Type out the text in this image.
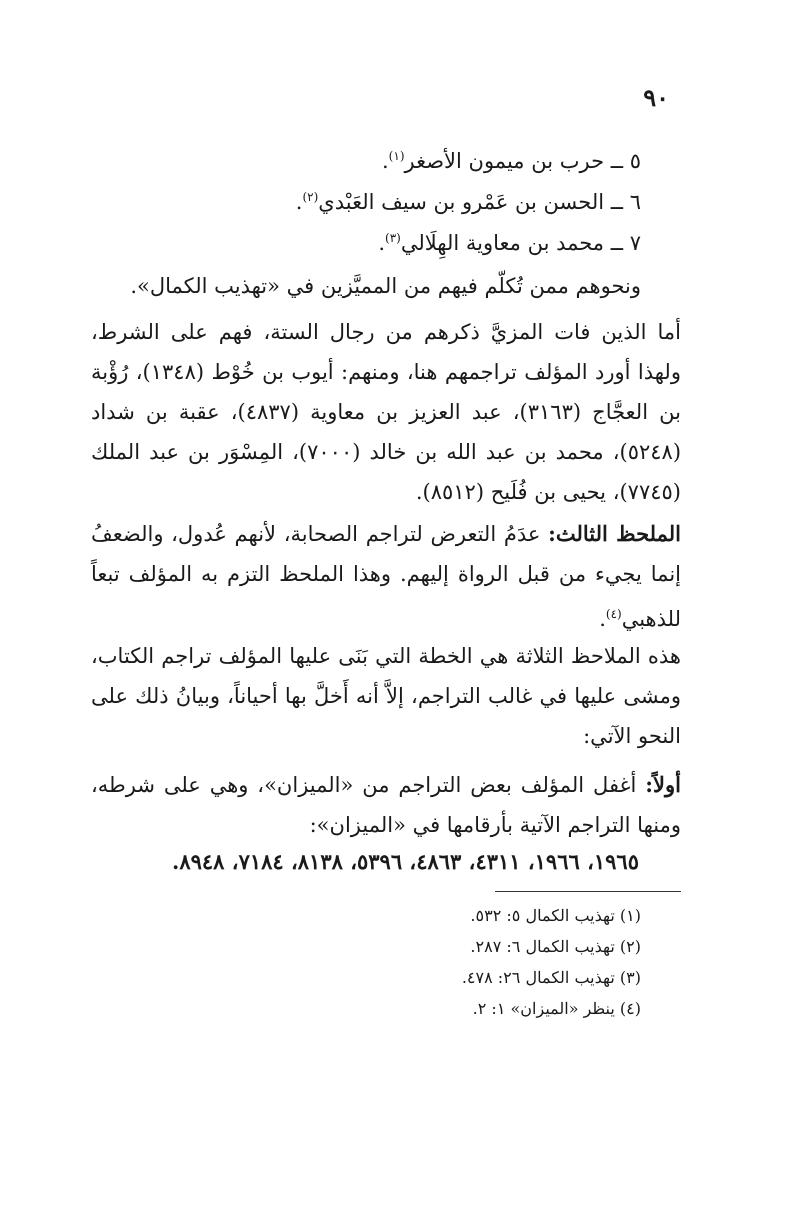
٩٠
٥ ــ حرب بن ميمون الأصغر$^{(١)}$.
٦ ــ الحسن بن عَمْرو بن سيف العَبْدي$^{(٢)}$.
٧ ــ محمد بن معاوية الهِلَالي$^{(٣)}$.
ونحوهم ممن تُكلّم فيهم من المميَّزين في «تهذيب الكمال».
أما الذين فات المزيَّ ذكرهم من رجال الستة، فهم على الشرط، ولهذا أورد المؤلف تراجمهم هنا، ومنهم: أيوب بن خُوْط (١٣٤٨)، رُؤْبة بن العجَّاج (٣١٦٣)، عبد العزيز بن معاوية (٤٨٣٧)، عقبة بن شداد (٥٢٤٨)، محمد بن عبد الله بن خالد (٧٠٠٠)، المِسْوَر بن عبد الملك (٧٧٤٥)، يحيى بن فُلَيح (٨٥١٢).
الملحظ الثالث: عدَمُ التعرض لتراجم الصحابة، لأنهم عُدول، والضعفُ إنما يجيء من قبل الرواة إليهم. وهذا الملحظ التزم به المؤلف تبعاً للذهبي$^{(٤)}$.
هذه الملاحظ الثلاثة هي الخطة التي بَنَى عليها المؤلف تراجم الكتاب، ومشى عليها في غالب التراجم، إلاَّ أنه أَخلَّ بها أحياناً، وبيانُ ذلك على النحو الآتي:
أولاً: أغفل المؤلف بعض التراجم من «الميزان»، وهي على شرطه، ومنها التراجم الآتية بأرقامها في «الميزان»:
١٩٦٥، ١٩٦٦، ٤٣١١، ٤٨٦٣، ٥٣٩٦، ٨١٣٨، ٧١٨٤، ٨٩٤٨.
(١) تهذيب الكمال ٥: ٥٣٢.
(٢) تهذيب الكمال ٦: ٢٨٧.
(٣) تهذيب الكمال ٢٦: ٤٧٨.
(٤) ينظر «الميزان» ١: ٢.
